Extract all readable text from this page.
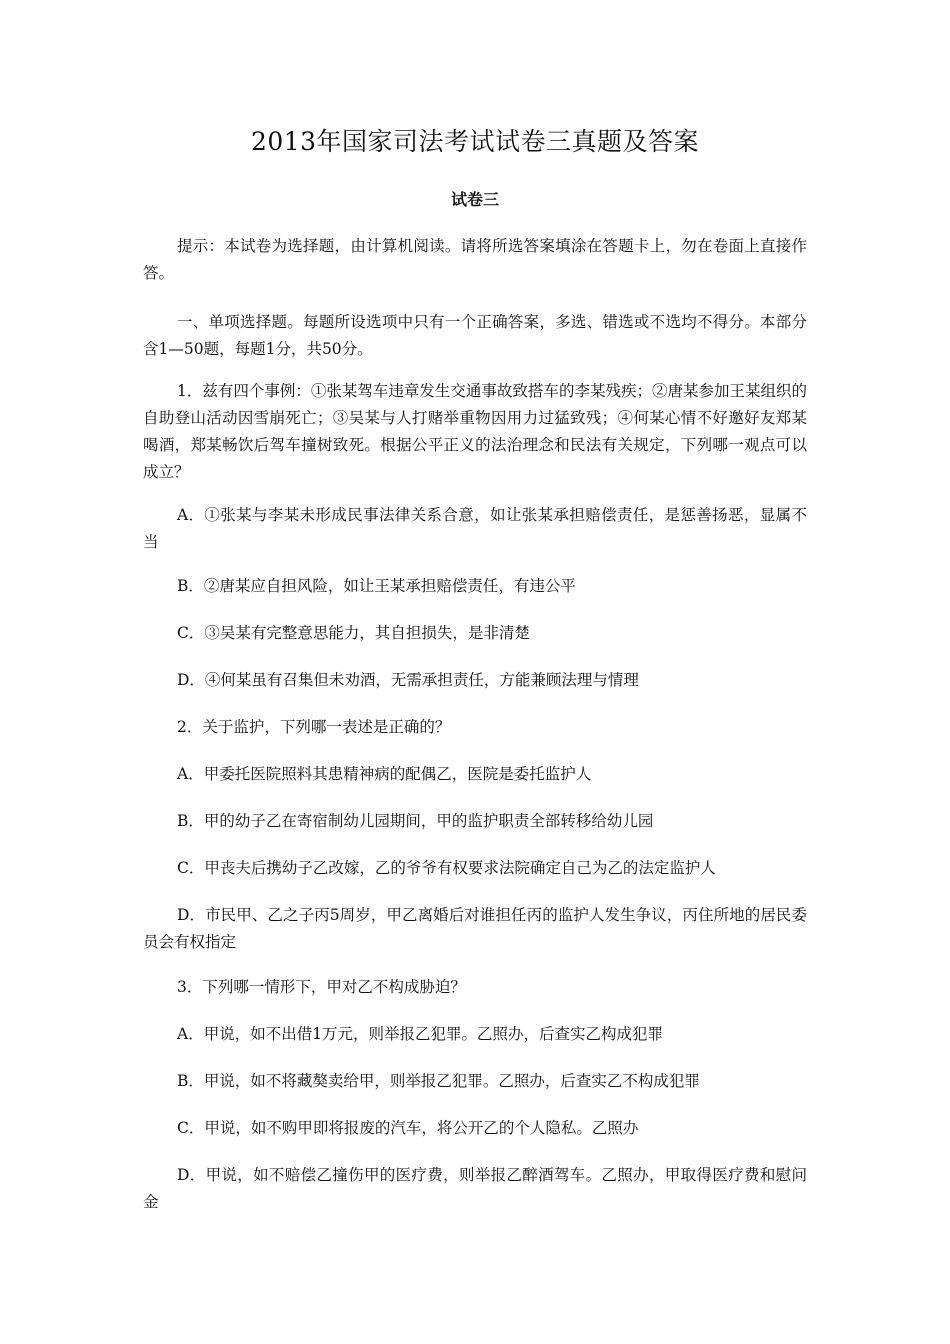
2013年国家司法考试试卷三真题及答案
试卷三

提示：本试卷为选择题，由计算机阅读。请将所选答案填涂在答题卡上，勿在卷面上直接作答。

一、单项选择题。每题所设选项中只有一个正确答案，多选、错选或不选均不得分。本部分含1—50题，每题1分，共50分。

1．兹有四个事例：①张某驾车违章发生交通事故致搭车的李某残疾；②唐某参加王某组织的自助登山活动因雪崩死亡；③吴某与人打赌举重物因用力过猛致残；④何某心情不好邀好友郑某喝酒，郑某畅饮后驾车撞树致死。根据公平正义的法治理念和民法有关规定，下列哪一观点可以成立？

A．①张某与李某未形成民事法律关系合意，如让张某承担赔偿责任，是惩善扬恶，显属不当

B．②唐某应自担风险，如让王某承担赔偿责任，有违公平

C．③吴某有完整意思能力，其自担损失，是非清楚

D．④何某虽有召集但未劝酒，无需承担责任，方能兼顾法理与情理

2．关于监护，下列哪一表述是正确的？

A．甲委托医院照料其患精神病的配偶乙，医院是委托监护人

B．甲的幼子乙在寄宿制幼儿园期间，甲的监护职责全部转移给幼儿园

C．甲丧夫后携幼子乙改嫁，乙的爷爷有权要求法院确定自己为乙的法定监护人

D．市民甲、乙之子丙5周岁，甲乙离婚后对谁担任丙的监护人发生争议，丙住所地的居民委员会有权指定

3．下列哪一情形下，甲对乙不构成胁迫？

A．甲说，如不出借1万元，则举报乙犯罪。乙照办，后查实乙构成犯罪

B．甲说，如不将藏獒卖给甲，则举报乙犯罪。乙照办，后查实乙不构成犯罪

C．甲说，如不购甲即将报废的汽车，将公开乙的个人隐私。乙照办

D．甲说，如不赔偿乙撞伤甲的医疗费，则举报乙醉酒驾车。乙照办，甲取得医疗费和慰问金
